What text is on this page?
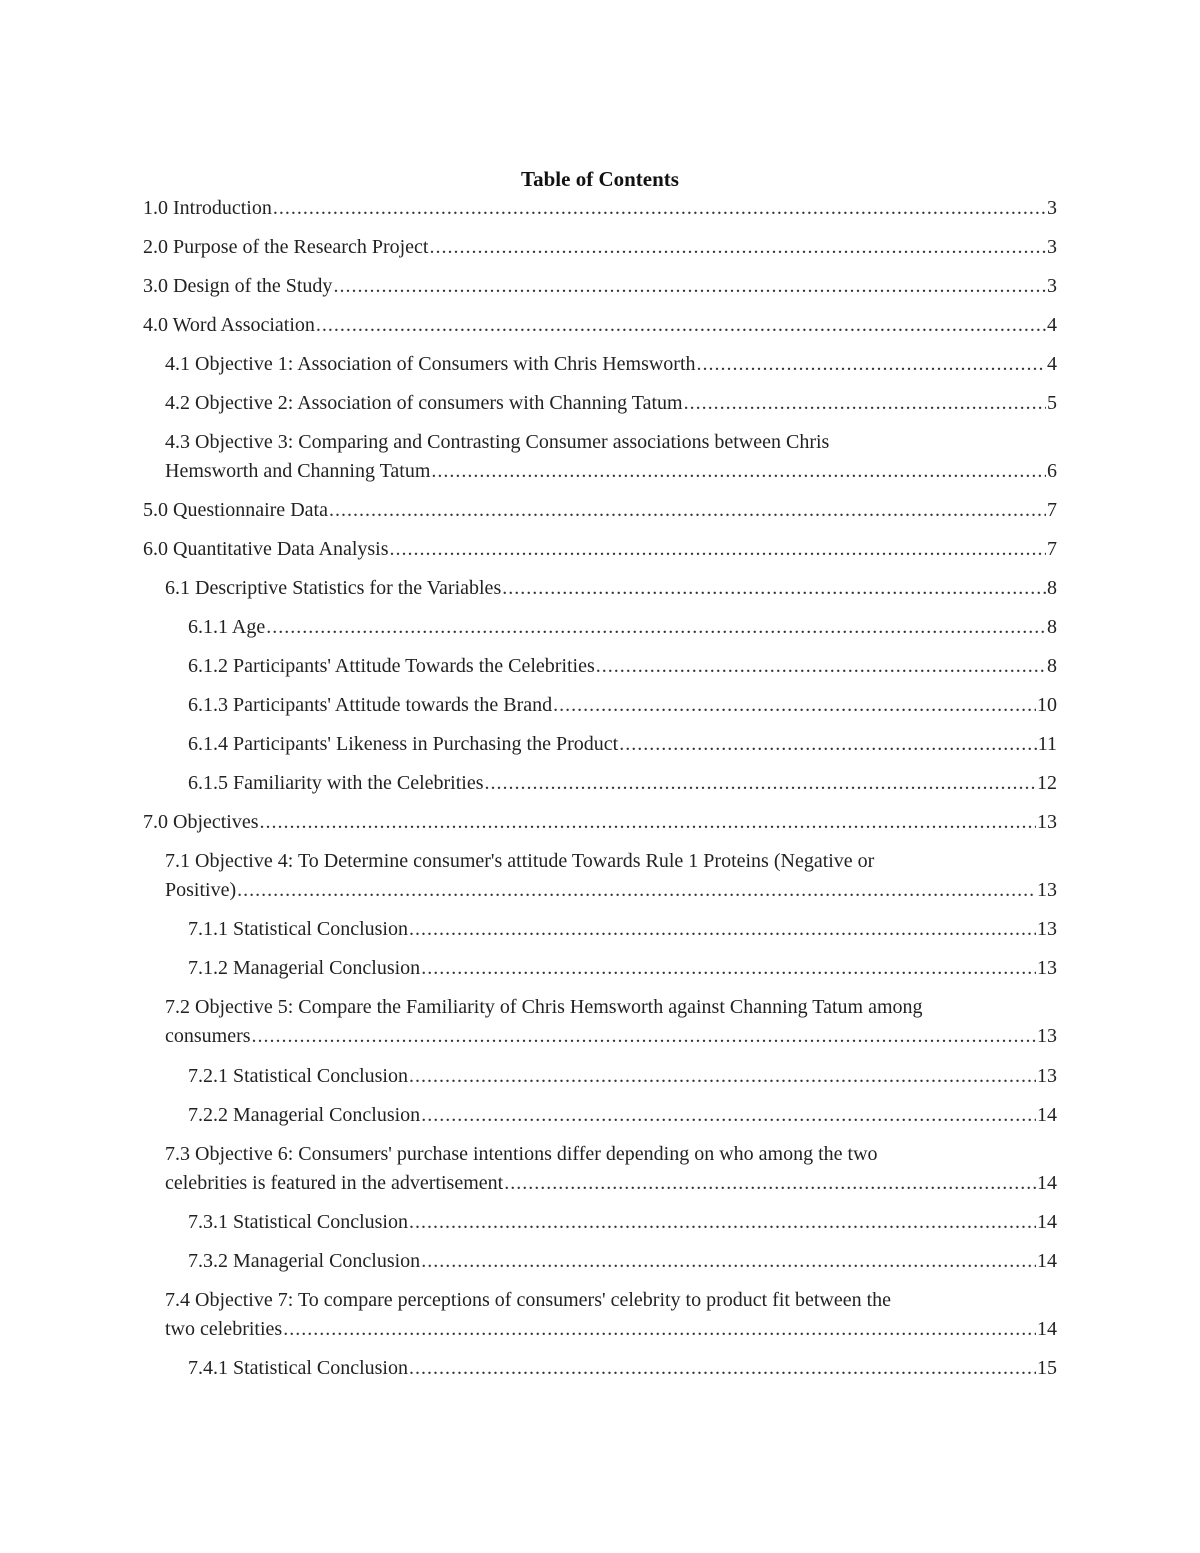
Table of Contents
1.0 Introduction .....	3
2.0 Purpose of the Research Project .....	3
3.0 Design of the Study .....	3
4.0 Word Association .....	4
4.1 Objective 1: Association of Consumers with Chris Hemsworth .....	4
4.2 Objective 2: Association of consumers with Channing Tatum .....	5
4.3 Objective 3: Comparing and Contrasting Consumer associations between Chris
Hemsworth and Channing Tatum .....	6
5.0 Questionnaire Data .....	7
6.0 Quantitative Data Analysis .....	7
6.1 Descriptive Statistics for the Variables .....	8
6.1.1 Age .....	8
6.1.2 Participants' Attitude Towards the Celebrities .....	8
6.1.3 Participants' Attitude towards the Brand .....	10
6.1.4 Participants' Likeness in Purchasing the Product .....	11
6.1.5 Familiarity with the Celebrities .....	12
7.0 Objectives .....	13
7.1 Objective 4: To Determine consumer's attitude Towards Rule 1 Proteins (Negative or
Positive) .....	13
7.1.1 Statistical Conclusion .....	13
7.1.2 Managerial Conclusion .....	13
7.2 Objective 5: Compare the Familiarity of Chris Hemsworth against Channing Tatum among
consumers .....	13
7.2.1 Statistical Conclusion .....	13
7.2.2 Managerial Conclusion .....	14
7.3 Objective 6: Consumers' purchase intentions differ depending on who among the two
celebrities is featured in the advertisement .....	14
7.3.1 Statistical Conclusion .....	14
7.3.2 Managerial Conclusion .....	14
7.4 Objective 7: To compare perceptions of consumers' celebrity to product fit between the
two celebrities .....	14
7.4.1 Statistical Conclusion .....	15
